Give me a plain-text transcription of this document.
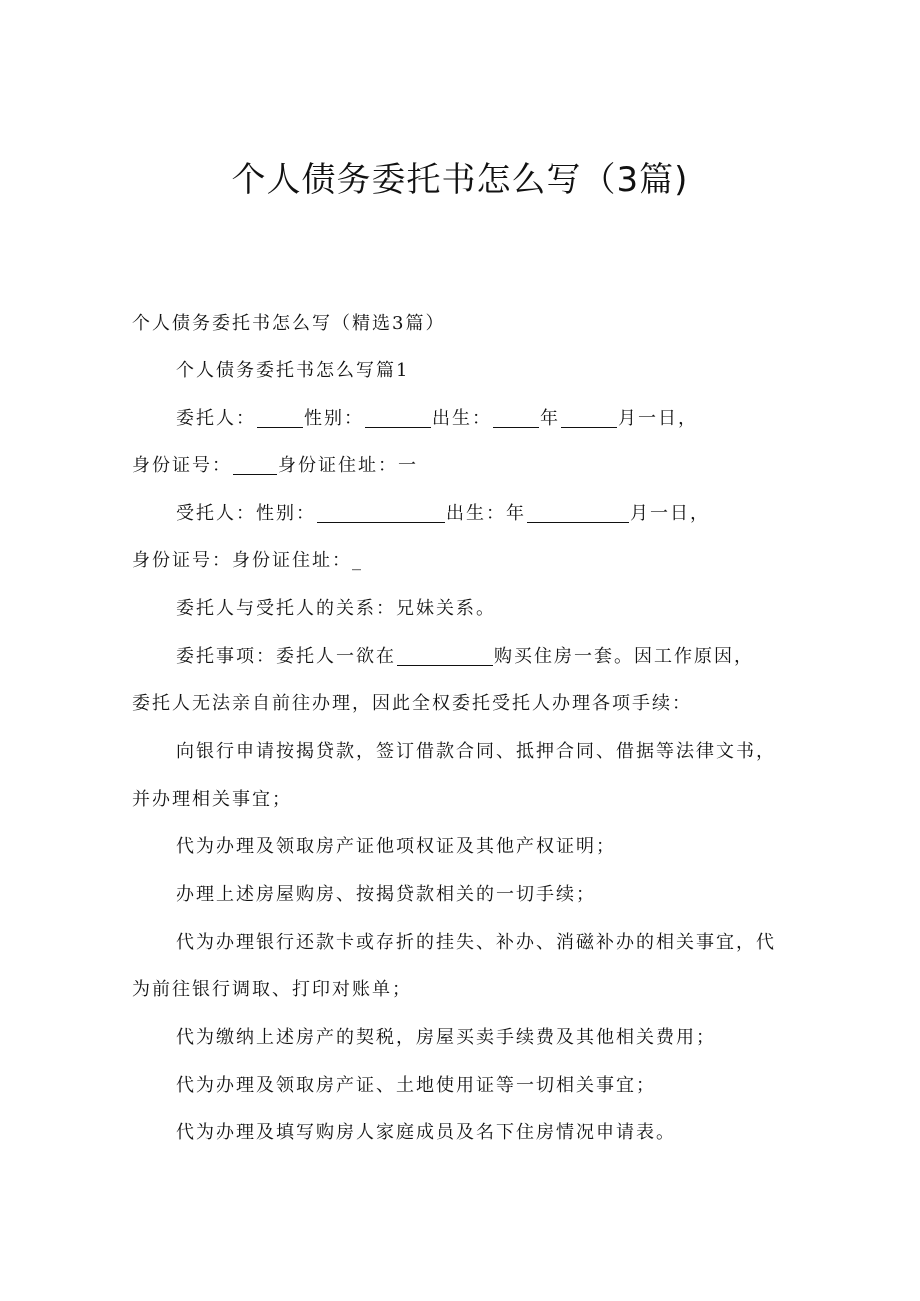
个人债务委托书怎么写（3篇)

个人债务委托书怎么写（精选3篇）

个人债务委托书怎么写篇1

委托人：	性别：	出生：	年	月一日，

身份证号：	身份证住址：一

受托人：性别：	出生：年	月一日，

身份证号：身份证住址：_

委托人与受托人的关系：兄妹关系。

委托事项：委托人一欲在	购买住房一套。因工作原因，

委托人无法亲自前往办理，因此全权委托受托人办理各项手续：

向银行申请按揭贷款，签订借款合同、抵押合同、借据等法律文书，

并办理相关事宜；

代为办理及领取房产证他项权证及其他产权证明；

办理上述房屋购房、按揭贷款相关的一切手续；

代为办理银行还款卡或存折的挂失、补办、消磁补办的相关事宜，代

为前往银行调取、打印对账单；

代为缴纳上述房产的契税，房屋买卖手续费及其他相关费用；

代为办理及领取房产证、土地使用证等一切相关事宜；

代为办理及填写购房人家庭成员及名下住房情况申请表。
